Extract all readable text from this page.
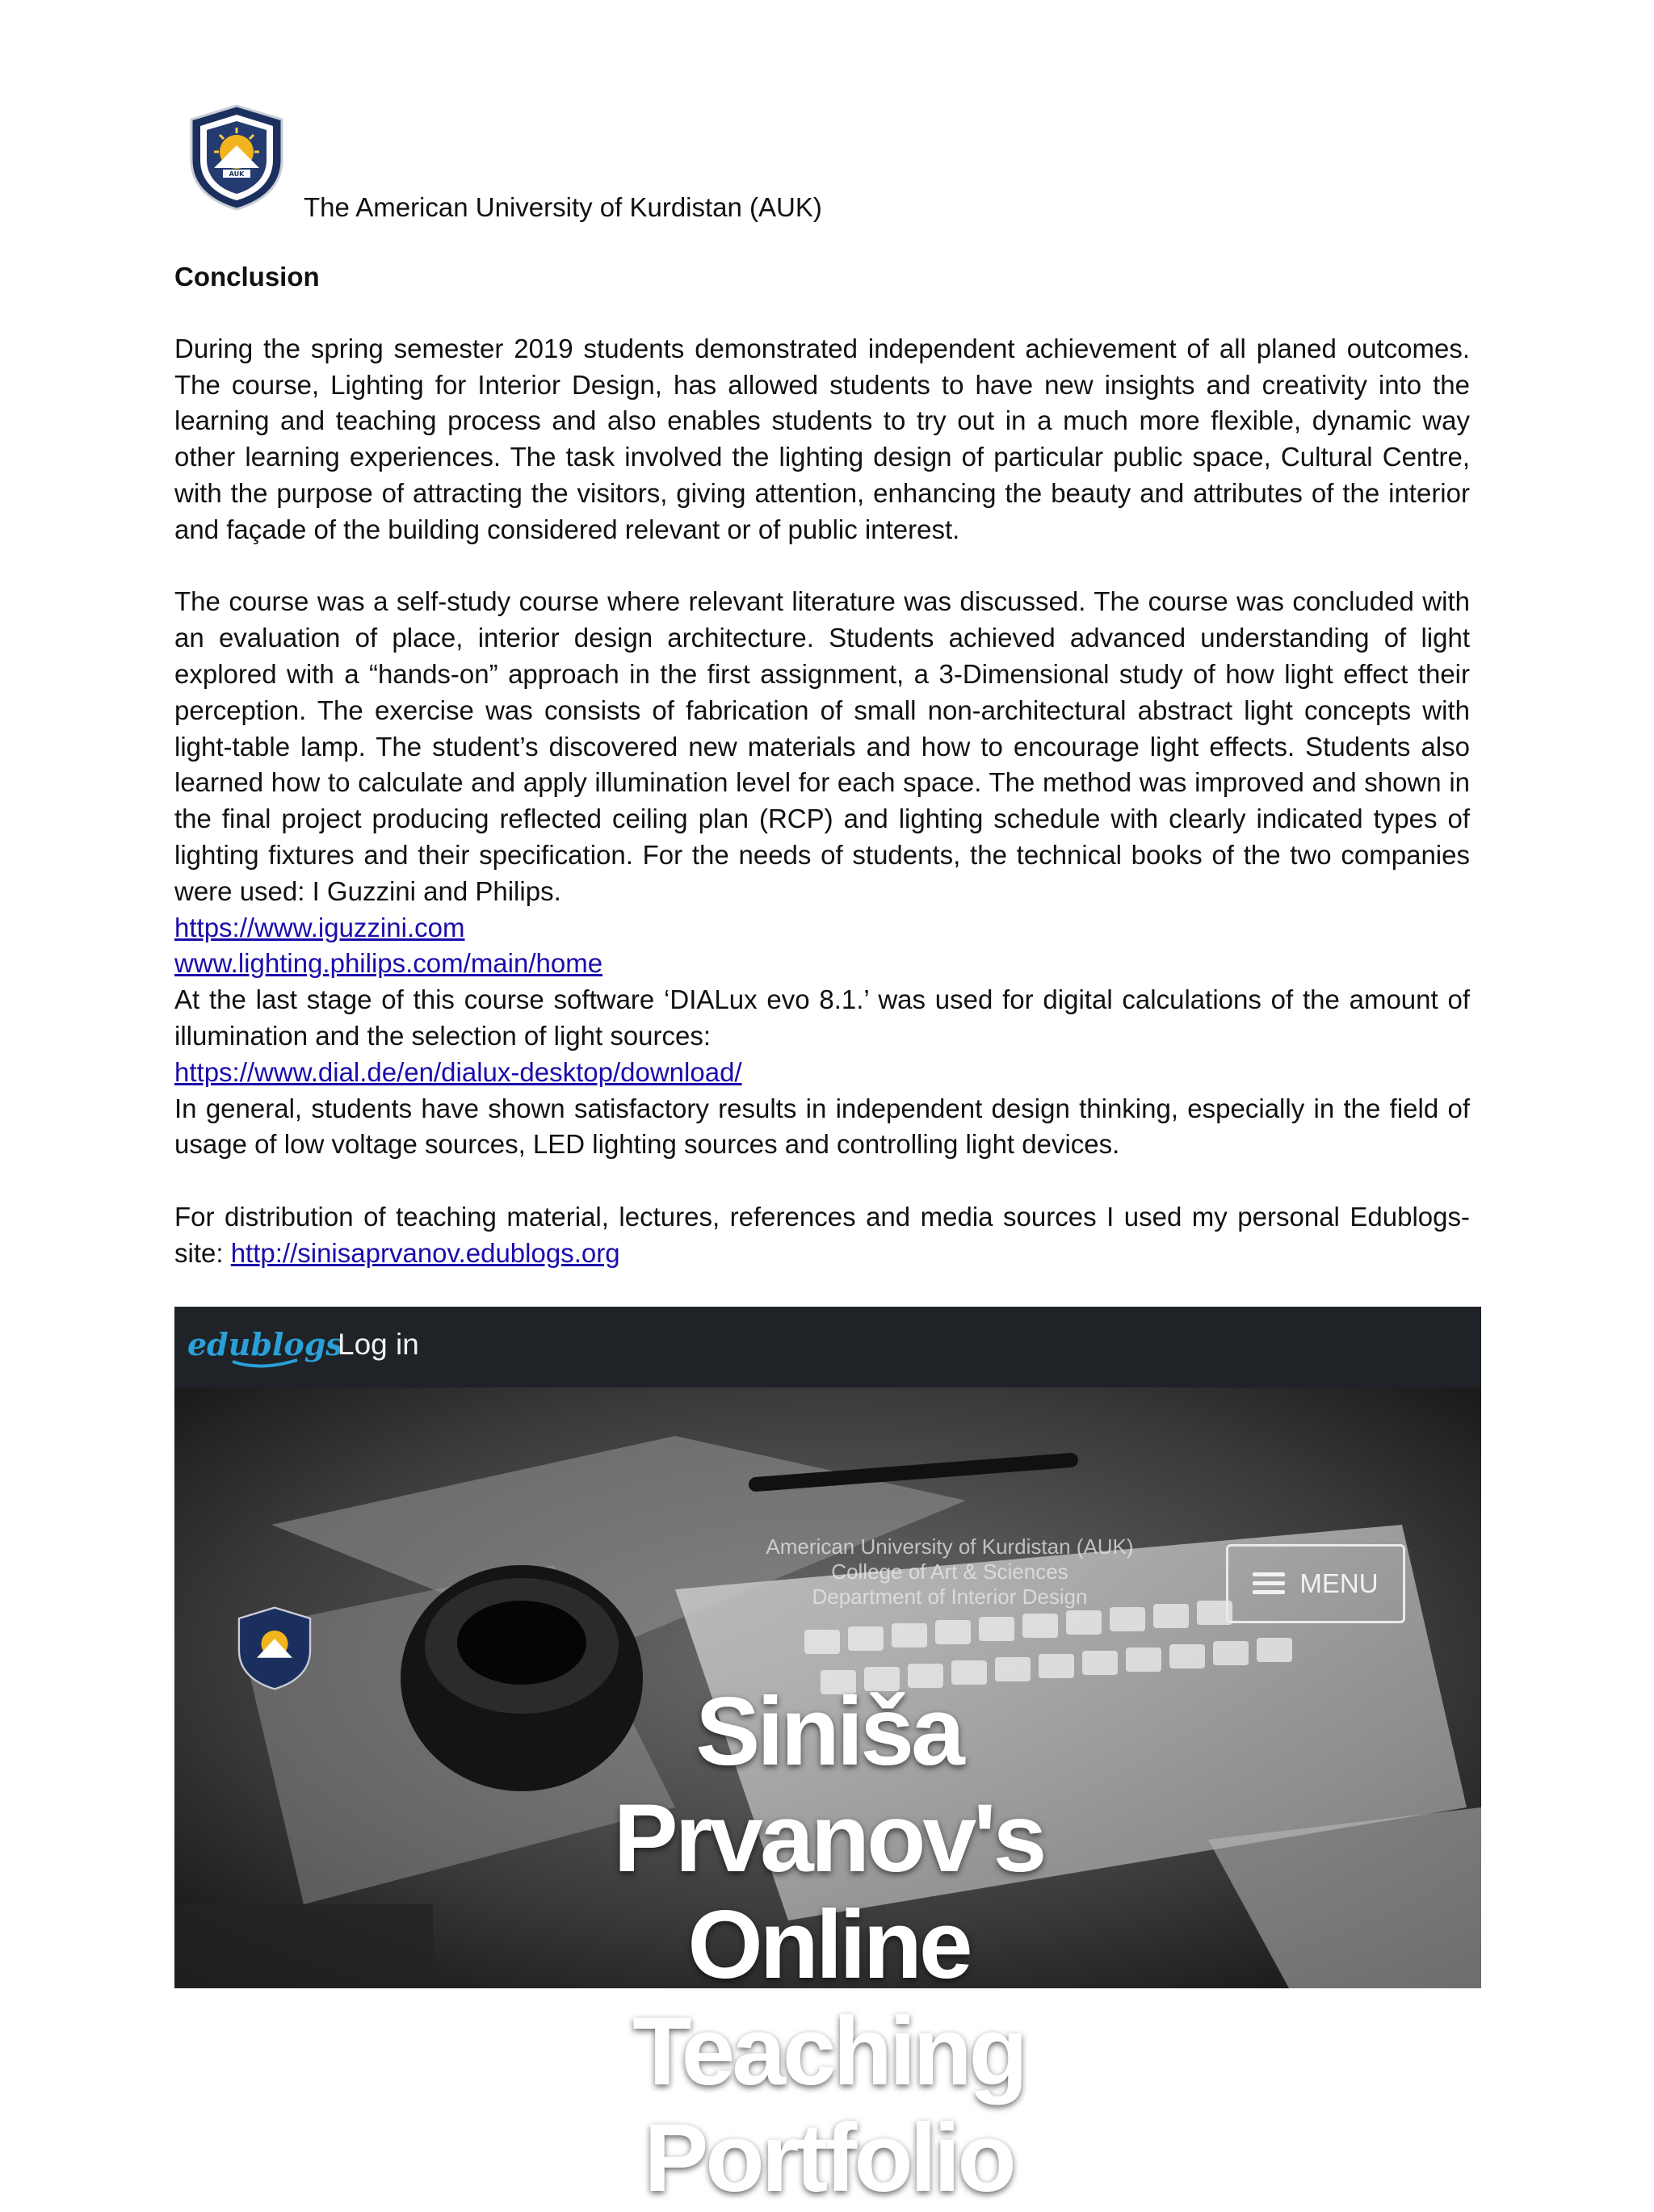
AUK
The American University of Kurdistan (AUK)
Conclusion

During the spring semester 2019 students demonstrated independent achievement of all planed outcomes. The course, Lighting for Interior Design, has allowed students to have new insights and creativity into the learning and teaching process and also enables students to try out in a much more flexible, dynamic way other learning experiences. The task involved the lighting design of particular public space, Cultural Centre, with the purpose of attracting the visitors, giving attention, enhancing the beauty and attributes of the interior and façade of the building considered relevant or of public interest.

The course was a self-study course where relevant literature was discussed. The course was concluded with an evaluation of place, interior design architecture. Students achieved advanced understanding of light explored with a “hands-on” approach in the first assignment, a 3-Dimensional study of how light effect their perception. The exercise was consists of fabrication of small non-architectural abstract light concepts with light-table lamp. The student’s discovered new materials and how to encourage light effects. Students also learned how to calculate and apply illumination level for each space. The method was improved and shown in the final project producing reflected ceiling plan (RCP) and lighting schedule with clearly indicated types of lighting fixtures and their specification. For the needs of students, the technical books of the two companies were used: I Guzzini and Philips.

https://www.iguzzini.com
www.lighting.philips.com/main/home

At the last stage of this course software ‘DIALux evo 8.1.’ was used for digital calculations of the amount of illumination and the selection of light sources:

https://www.dial.de/en/dialux-desktop/download/

In general, students have shown satisfactory results in independent design thinking, especially in the field of usage of low voltage sources, LED lighting sources and controlling light devices.

For distribution of teaching material, lectures, references and media sources I used my personal Edublogs-site: http://sinisaprvanov.edublogs.org

edublogs
Log in
MENU
American University of Kurdistan (AUK)
College of Art & Sciences
Department of Interior Design
Siniša Prvanov's
Online Teaching
Portfolio
